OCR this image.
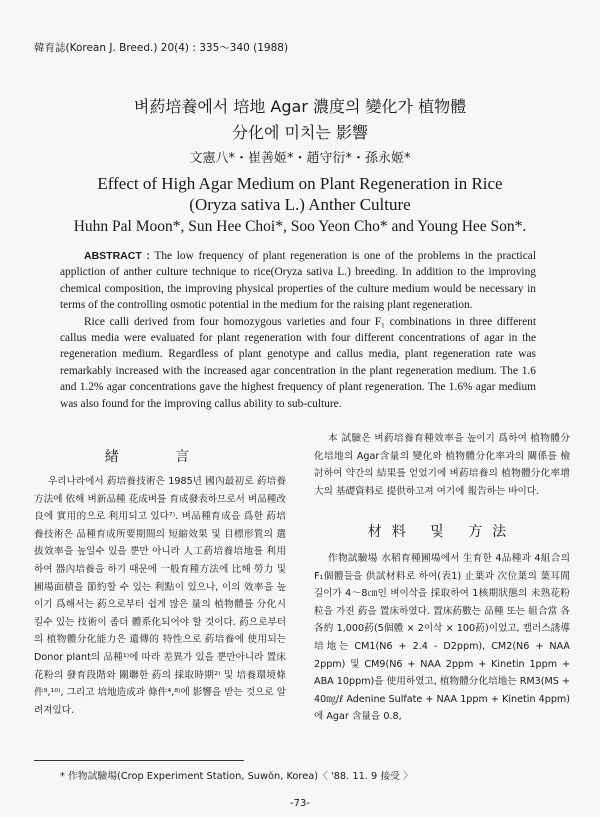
韓育誌(Korean J. Breed.) 20(4) : 335～340 (1988)
벼葯培養에서 培地 Agar 濃度의 變化가 植物體
分化에 미치는 影響
文憲八*・崔善姬*・趙守衍*・孫永姬*
Effect of High Agar Medium on Plant Regeneration in Rice
(Oryza sativa L.) Anther Culture
Huhn Pal Moon*, Sun Hee Choi*, Soo Yeon Cho* and Young Hee Son*.

ABSTRACT : The low frequency of plant regeneration is one of the problems in the practical appliction of anther culture technique to rice(Oryza sativa L.) breeding. In addition to the improving chemical composition, the improving physical properties of the culture medium would be necessary in terms of the controlling osmotic potential in the medium for the raising plant regeneration.

Rice calli derived from four homozygous varieties and four F₁ combinations in three different callus media were evaluated for plant regeneration with four different concentrations of agar in the regeneration medium. Regardless of plant genotype and callus media, plant regeneration rate was remarkably increased with the increased agar concentration in the plant regeneration medium. The 1.6 and 1.2% agar concentrations gave the highest frequency of plant regeneration. The 1.6% agar medium was also found for the improving callus ability to sub-culture.

緖 言

우리나라에서 葯培養技術은 1985년 國內最初로 葯培養方法에 依해 벼新品種 花成벼를 育成發表하므로서 벼品種改良에 實用的으로 利用되고 있다⁷⁾. 벼品種育成을 爲한 葯培養技術은 品種育成所要期間의 短縮效果 및 目標形質의 選拔效率을 높일수 있을 뿐만 아니라 人工葯培養培地를 利用하여 器內培養을 하기 때문에 一般育種方法에 比해 勞力 및 圃場面積을 節約할 수 있는 利點이 있으나, 이의 效率을 높이기 爲해서는 葯으로부터 쉽게 많은 量의 植物體를 分化시킬수 있는 技術이 좀더 體系化되어야 할 것이다. 葯으로부터의 植物體分化能力은 遺傳的 特性으로 葯培養에 使用되는 Donor plant의 品種¹⁾에 따라 差異가 있을 뿐만아니라 置床花粉의 發育段階와 關聯한 葯의 採取時期²⁾ 및 培養環境條件⁹,¹⁰⁾, 그리고 培地造成과 條件⁴,⁸⁾에 影響을 받는 것으로 알려져있다.

本 試驗은 벼葯培養育種效率을 높이기 爲하여 植物體分化培地의 Agar含量의 變化와 植物體分化率과의 關係를 檢討하여 약간의 結果를 얻었기에 벼葯培養의 植物體分化率增大의 基礎資料로 提供하고져 여기에 報告하는 바이다.

材料 및 方法

作物試驗場 水稻育種圃場에서 生育한 4品種과 4組合의 F₁個體들을 供試材料로 하여(表1) 止葉과 次位葉의 葉耳間 길이가 4～8㎝인 벼이삭을 採取하여 1核期狀態의 未熟花粉粒을 가진 葯을 置床하였다. 置床葯數는 品種 또는 組合當 各各約 1,000葯(5個體 × 2이삭 × 100葯)이었고, 캘러스誘導培地는 CM1(N6 + 2.4 - D2ppm), CM2(N6 + NAA 2ppm) 및 CM9(N6 + NAA 2ppm + Kinetin 1ppm + ABA 10ppm)을 使用하였고, 植物體分化培地는 RM3(MS + 40㎎/ℓ Adenine Sulfate + NAA 1ppm + Kinetin 4ppm)에 Agar 含量을 0.8,

* 作物試驗場(Crop Experiment Station, Suwŏn, Korea)〈 '88. 11. 9 接受 〉
-73-
